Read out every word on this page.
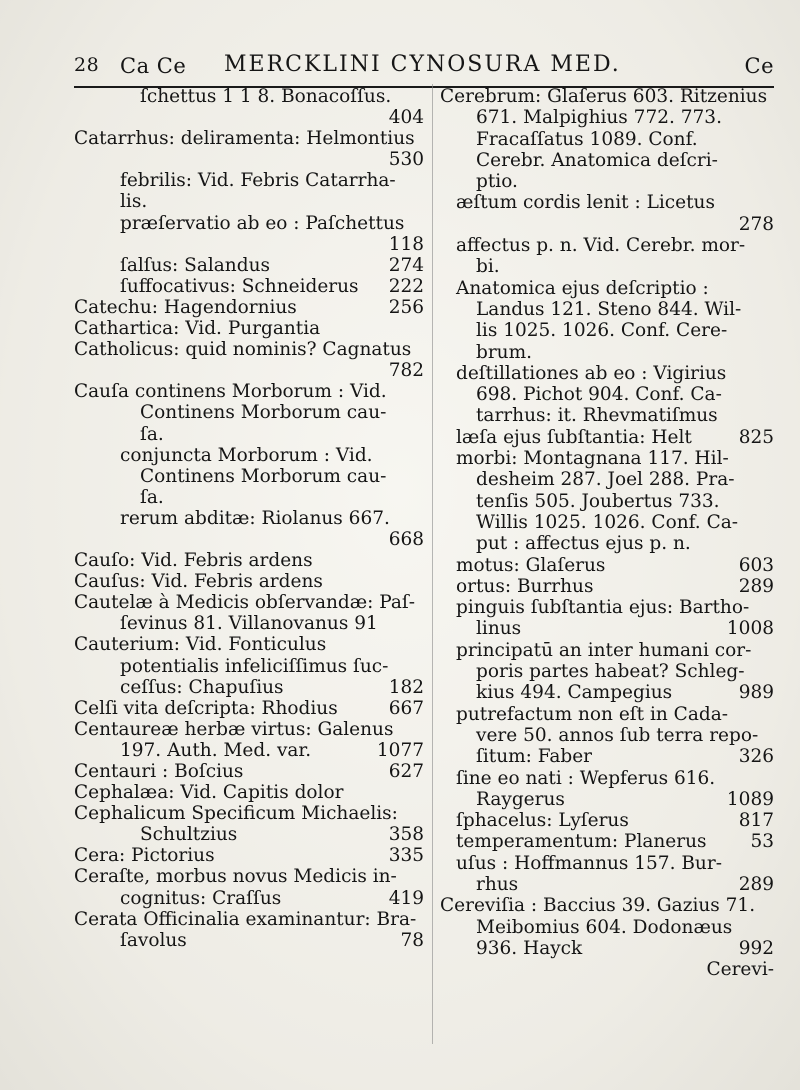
28 Ca Ce MERCKLINI CYNOSURA MED.	Ce
ſchettus 1 1 8. Bonacoſſus.
404
Catarrhus: deliramenta: Helmontius
530
febrilis: Vid. Febris Catarrha-
lis.
præſervatio ab eo : Paſchettus
118
ſalſus: Salandus	274
ſuffocativus: Schneiderus 222
Catechu: Hagendornius	256
Cathartica: Vid. Purgantia
Catholicus: quid nominis? Cagnatus
782
Cauſa continens Morborum : Vid.
Continens Morborum cau-
ſa.
conjuncta Morborum : Vid.
Continens Morborum cau-
ſa.
rerum abditæ: Riolanus 667.
668
Cauſo: Vid. Febris ardens
Cauſus: Vid. Febris ardens
Cautelæ à Medicis obſervandæ: Paſ-
ſevinus 81. Villanovanus 91
Cauterium: Vid. Fonticulus
potentialis infeliciſſimus ſuc-
ceſſus: Chapuſius	182
Celſi vita deſcripta: Rhodius	667
Centaureæ herbæ virtus: Galenus
197. Auth. Med. var.	1077
Centauri : Boſcius	627
Cephalæa: Vid. Capitis dolor
Cephalicum Specificum Michaelis:
Schultzius	358
Cera: Pictorius	335
Ceraſte, morbus novus Medicis in-
cognitus: Craſſus	419
Cerata Officinalia examinantur: Bra-
ſavolus	78
Cerebrum: Glaſerus 603. Ritzenius
671. Malpighius 772. 773.
Fracaſſatus 1089. Conf.
Cerebr. Anatomica deſcri-
ptio.
æſtum cordis lenit : Licetus
278
affectus p. n. Vid. Cerebr. mor-
bi.
Anatomica ejus deſcriptio :
Landus 121. Steno 844. Wil-
lis 1025. 1026. Conf. Cere-
brum.
deſtillationes ab eo : Vigirius
698. Pichot 904. Conf. Ca-
tarrhus: it. Rhevmatiſmus
læſa ejus ſubſtantia: Helt	825
morbi: Montagnana 117. Hil-
desheim 287. Joel 288. Pra-
tenſis 505. Joubertus 733.
Willis 1025. 1026. Conf. Ca-
put : affectus ejus p. n.
motus: Glaſerus	603
ortus: Burrhus	289
pinguis ſubſtantia ejus: Bartho-
linus	1008
principatū an inter humani cor-
poris partes habeat? Schleg-
kius 494. Campegius	989
putrefactum non eſt in Cada-
vere 50. annos ſub terra repo-
ſitum: Faber	326
ſine eo nati : Wepferus 616.
Raygerus	1089
ſphacelus: Lyſerus	817
temperamentum: Planerus 53
uſus : Hoffmannus 157. Bur-
rhus	289
Cereviſia : Baccius 39. Gazius 71.
Meibomius 604. Dodonæus
936. Hayck	992
Cerevi-
